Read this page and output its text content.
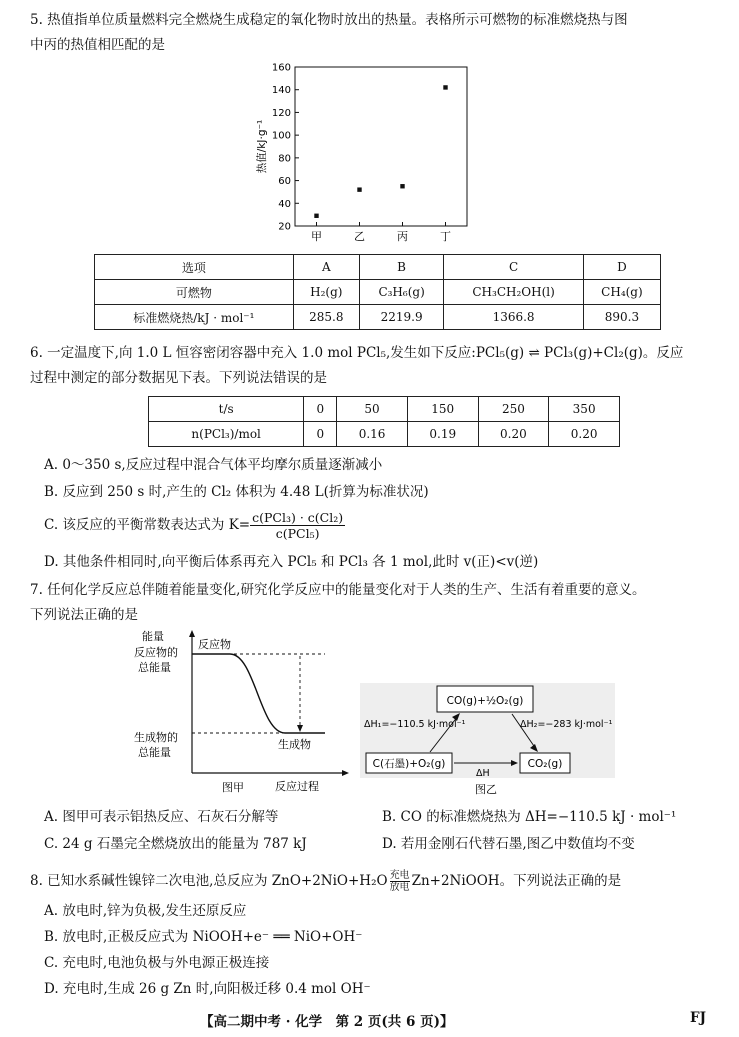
5. 热值指单位质量燃料完全燃烧生成稳定的氧化物时放出的热量。表格所示可燃物的标准燃烧热与图
中丙的热值相匹配的是
20
40
60
80
100
120
140
160
甲	乙	丙	丁
热值/kJ·g⁻¹
选项	A	B	C	D
可燃物	H₂(g)	C₃H₆(g)	CH₃CH₂OH(l)	CH₄(g)
标准燃烧热/kJ · mol⁻¹	285.8	2219.9	1366.8	890.3
6. 一定温度下,向 1.0 L 恒容密闭容器中充入 1.0 mol PCl₅,发生如下反应:PCl₅(g) ⇌ PCl₃(g)+Cl₂(g)。反应
过程中测定的部分数据见下表。下列说法错误的是
t/s	0	50	150	250	350
n(PCl₃)/mol	0	0.16	0.19	0.20	0.20
A. 0～350 s,反应过程中混合气体平均摩尔质量逐渐减小
B. 反应到 250 s 时,产生的 Cl₂ 体积为 4.48 L(折算为标准状况)
C. 该反应的平衡常数表达式为 $K= \frac{\text{c(PCl₃) · c(Cl₂)}}{\text{c(PCl₅)}}$
D. 其他条件相同时,向平衡后体系再充入 PCl₅ 和 PCl₃ 各 1 mol,此时 v(正)<v(逆)
7. 任何化学反应总伴随着能量变化,研究化学反应中的能量变化对于人类的生产、生活有着重要的意义。
下列说法正确的是
能量
反应物
反应物的
总能量
生成物的
总能量
生成物
反应过程
图甲
CO(g)+½O₂(g)
C(石墨)+O₂(g)	CO₂(g)
ΔH₁=−110.5 kJ·mol⁻¹	ΔH₂=−283 kJ·mol⁻¹
ΔH
图乙
A. 图甲可表示铝热反应、石灰石分解等	B. CO 的标准燃烧热为 ΔH=−110.5 kJ · mol⁻¹
C. 24 g 石墨完全燃烧放出的能量为 787 kJ	D. 若用金刚石代替石墨,图乙中数值均不变
8. 已知水系碱性镍锌二次电池,总反应为 ZnO+2NiO+H₂O 充电
放电 Zn+2NiOOH。下列说法正确的是
A. 放电时,锌为负极,发生还原反应
B. 放电时,正极反应式为 NiOOH+e⁻ ══ NiO+OH⁻
C. 充电时,电池负极与外电源正极连接
D. 充电时,生成 26 g Zn 时,向阳极迁移 0.4 mol OH⁻
【高二期中考 · 化学　第 2 页(共 6 页)】	FJ
